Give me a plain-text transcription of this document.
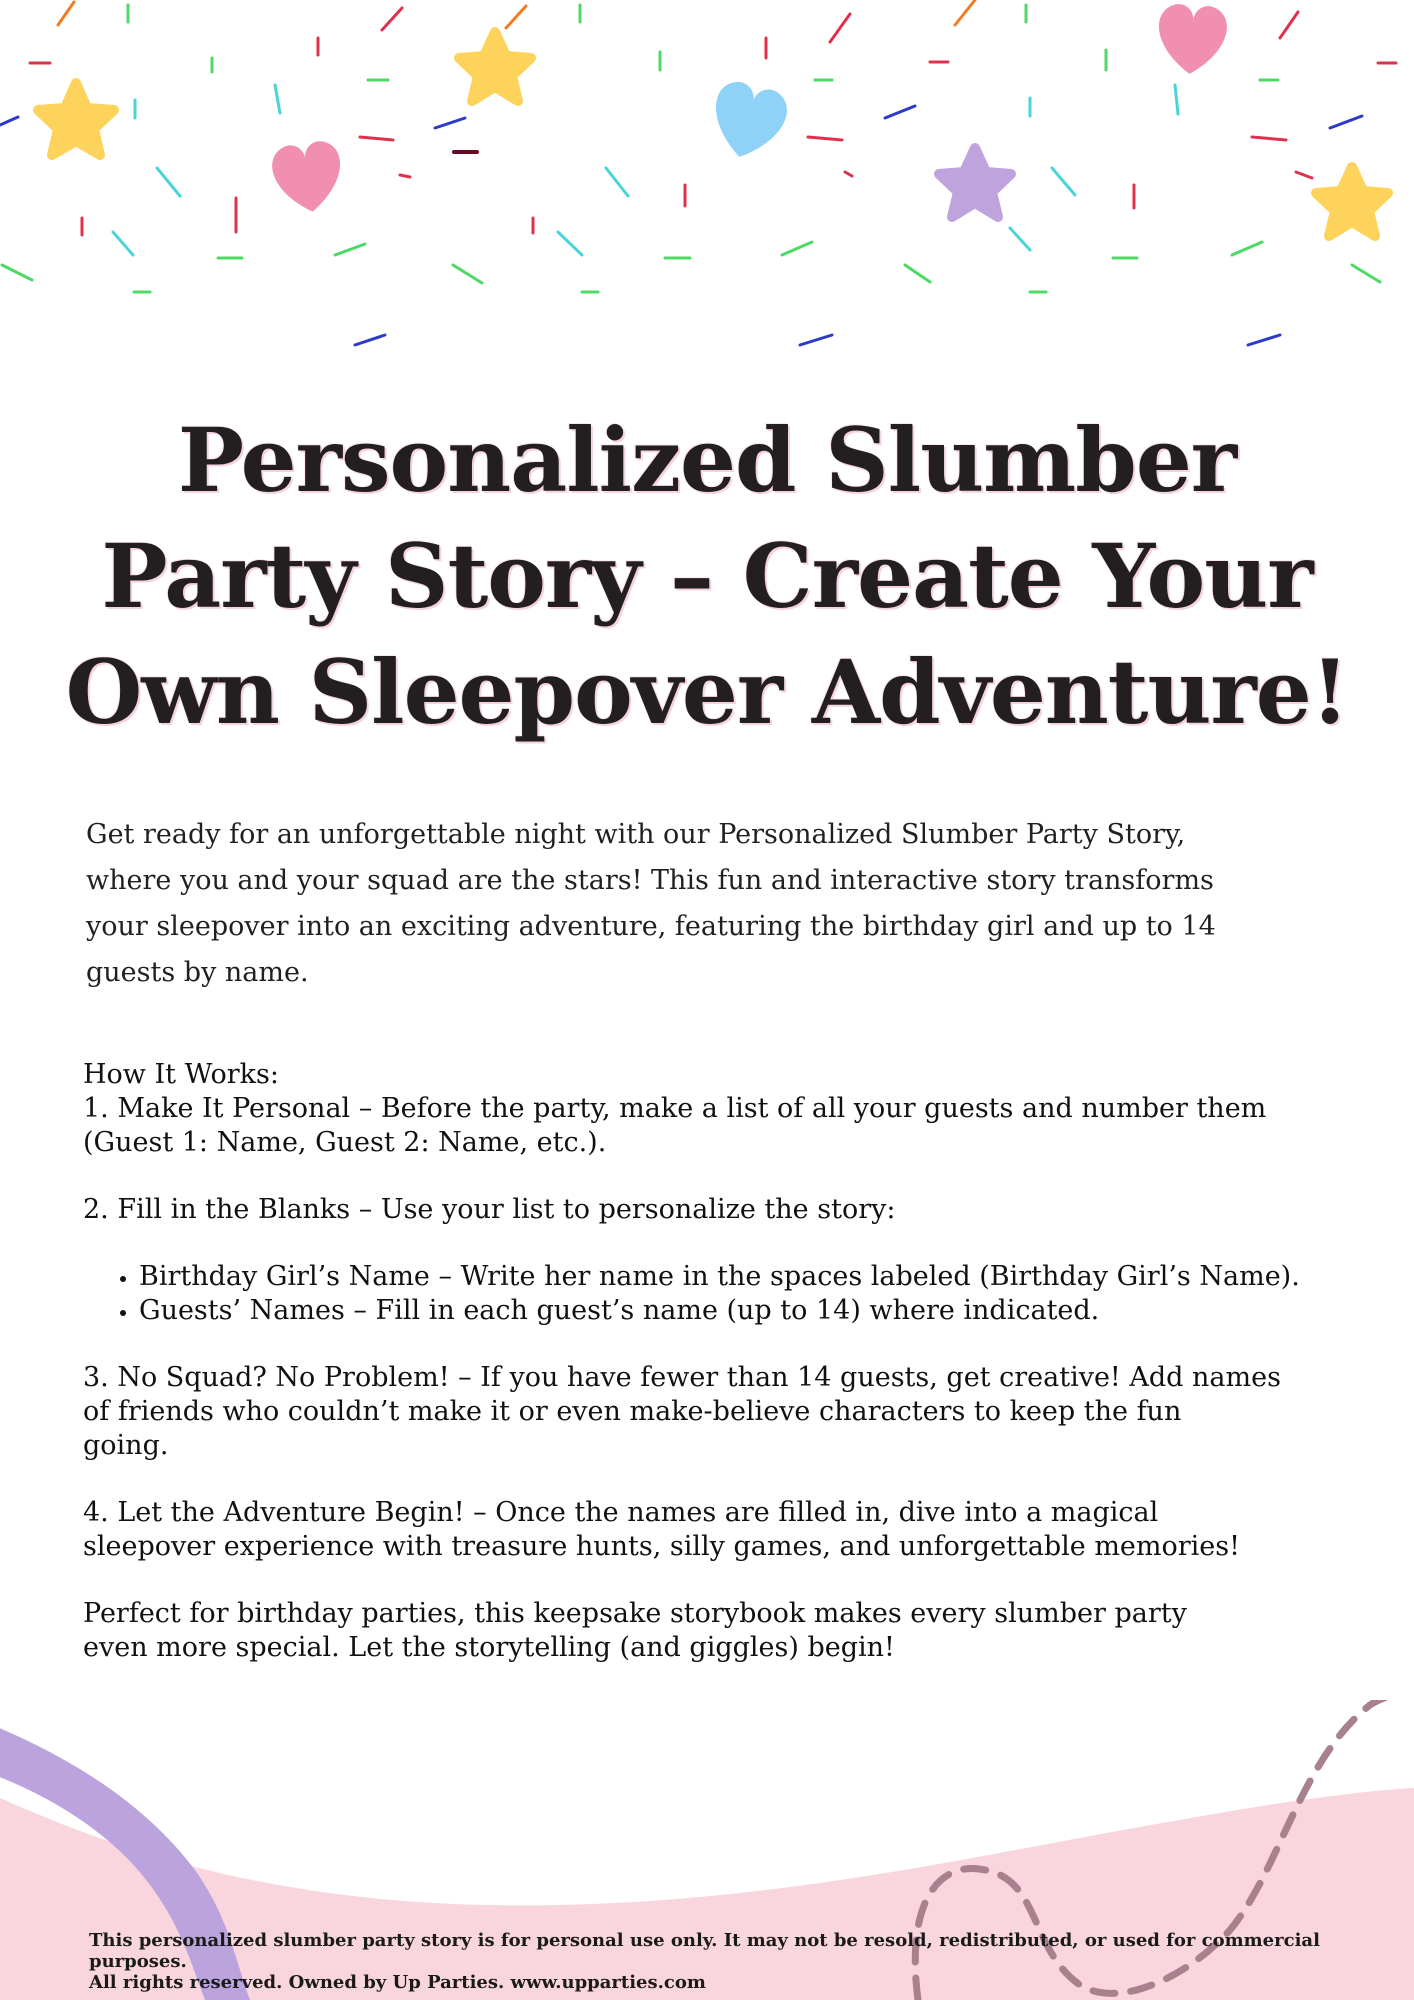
Personalized Slumber
Party Story – Create Your
Own Sleepover Adventure!

Get ready for an unforgettable night with our Personalized Slumber Party Story,
where you and your squad are the stars! This fun and interactive story transforms
your sleepover into an exciting adventure, featuring the birthday girl and up to 14
guests by name.

How It Works:

1. Make It Personal – Before the party, make a list of all your guests and number them
(Guest 1: Name, Guest 2: Name, etc.).

2. Fill in the Blanks – Use your list to personalize the story:

• Birthday Girl’s Name – Write her name in the spaces labeled (Birthday Girl’s Name).
• Guests’ Names – Fill in each guest’s name (up to 14) where indicated.

3. No Squad? No Problem! – If you have fewer than 14 guests, get creative! Add names
of friends who couldn’t make it or even make-believe characters to keep the fun
going.

4. Let the Adventure Begin! – Once the names are filled in, dive into a magical
sleepover experience with treasure hunts, silly games, and unforgettable memories!

Perfect for birthday parties, this keepsake storybook makes every slumber party
even more special. Let the storytelling (and giggles) begin!

This personalized slumber party story is for personal use only. It may not be resold, redistributed, or used for commercial purposes.
All rights reserved. Owned by Up Parties. www.upparties.com
